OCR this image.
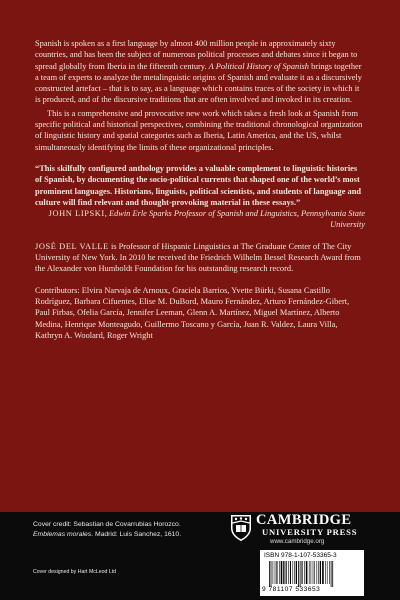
Spanish is spoken as a first language by almost 400 million people in approximately sixty countries, and has been the subject of numerous political processes and debates since it began to spread globally from Iberia in the fifteenth century. A Political History of Spanish brings together a team of experts to analyze the metalinguistic origins of Spanish and evaluate it as a discursively constructed artefact – that is to say, as a language which contains traces of the society in which it is produced, and of the discursive traditions that are often involved and invoked in its creation.

This is a comprehensive and provocative new work which takes a fresh look at Spanish from specific political and historical perspectives, combining the traditional chronological organization of linguistic history and spatial categories such as Iberia, Latin America, and the US, whilst simultaneously identifying the limits of these organizational principles.

“This skilfully configured anthology provides a valuable complement to linguistic histories of Spanish, by documenting the socio-political currents that shaped one of the world’s most prominent languages. Historians, linguists, political scientists, and students of language and culture will find relevant and thought-provoking material in these essays.”

JOHN LIPSKI, Edwin Erle Sparks Professor of Spanish and Linguistics, Pennsylvania State University

JOSÉ DEL VALLE is Professor of Hispanic Linguistics at The Graduate Center of The City University of New York. In 2010 he received the Friedrich Wilhelm Bessel Research Award from the Alexander von Humboldt Foundation for his outstanding research record.

Contributors: Elvira Narvaja de Arnoux, Graciela Barrios, Yvette Bürki, Susana Castillo Rodríguez, Barbara Cifuentes, Elise M. DuBord, Mauro Fernández, Arturo Fernández-Gibert, Paul Firbas, Ofelia García, Jennifer Leeman, Glenn A. Martínez, Miguel Martínez, Alberto Medina, Henrique Monteagudo, Guillermo Toscano y García, Juan R. Valdez, Laura Villa, Kathryn A. Woolard, Roger Wright

Cover credit: Sebastian de Covarrubias Horozco.
Emblemas morales. Madrid: Luis Sanchez, 1610.
Cover designed by Hart McLeod Ltd
CAMBRIDGE
UNIVERSITY PRESS
www.cambridge.org
ISBN 978-1-107-53365-3
9 781107 533653
